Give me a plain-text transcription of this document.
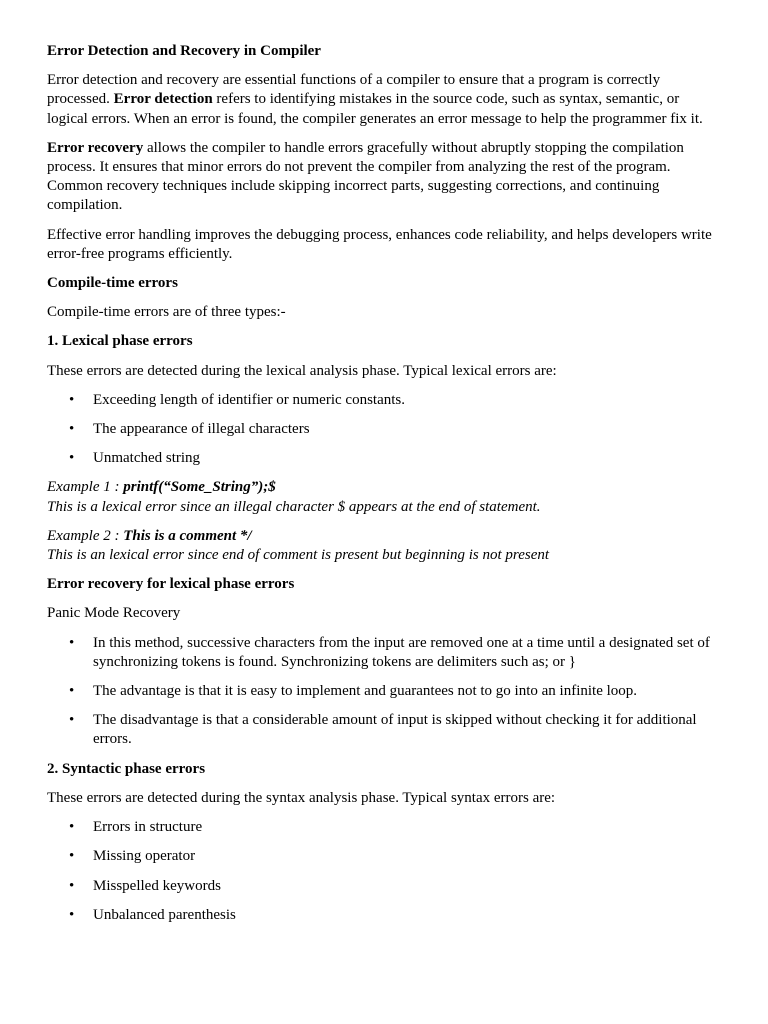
Error Detection and Recovery in Compiler

Error detection and recovery are essential functions of a compiler to ensure that a program is correctly processed. Error detection refers to identifying mistakes in the source code, such as syntax, semantic, or logical errors. When an error is found, the compiler generates an error message to help the programmer fix it.

Error recovery allows the compiler to handle errors gracefully without abruptly stopping the compilation process. It ensures that minor errors do not prevent the compiler from analyzing the rest of the program. Common recovery techniques include skipping incorrect parts, suggesting corrections, and continuing compilation.

Effective error handling improves the debugging process, enhances code reliability, and helps developers write error-free programs efficiently.

Compile-time errors

Compile-time errors are of three types:-

1. Lexical phase errors

These errors are detected during the lexical analysis phase. Typical lexical errors are:

• Exceeding length of identifier or numeric constants.
• The appearance of illegal characters
• Unmatched string
Example 1 : printf(“Some_String”);$
This is a lexical error since an illegal character $ appears at the end of statement.
Example 2 : This is a comment */
This is an lexical error since end of comment is present but beginning is not present
Error recovery for lexical phase errors

Panic Mode Recovery

• In this method, successive characters from the input are removed one at a time until a designated set of synchronizing tokens is found. Synchronizing tokens are delimiters such as; or }
• The advantage is that it is easy to implement and guarantees not to go into an infinite loop.
• The disadvantage is that a considerable amount of input is skipped without checking it for additional errors.
2. Syntactic phase errors

These errors are detected during the syntax analysis phase. Typical syntax errors are:

• Errors in structure
• Missing operator
• Misspelled keywords
• Unbalanced parenthesis
